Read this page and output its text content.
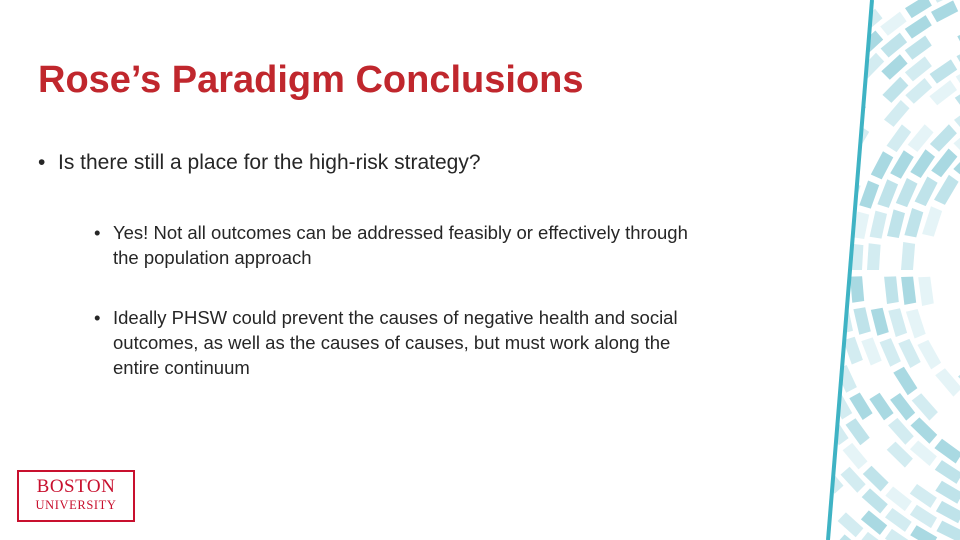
Rose’s Paradigm Conclusions
• Is there still a place for the high-risk strategy?
• Yes! Not all outcomes can be addressed feasibly or effectively through the population approach
• Ideally PHSW could prevent the causes of negative health and social outcomes, as well as the causes of causes, but must work along the entire continuum
BOSTON
UNIVERSITY
